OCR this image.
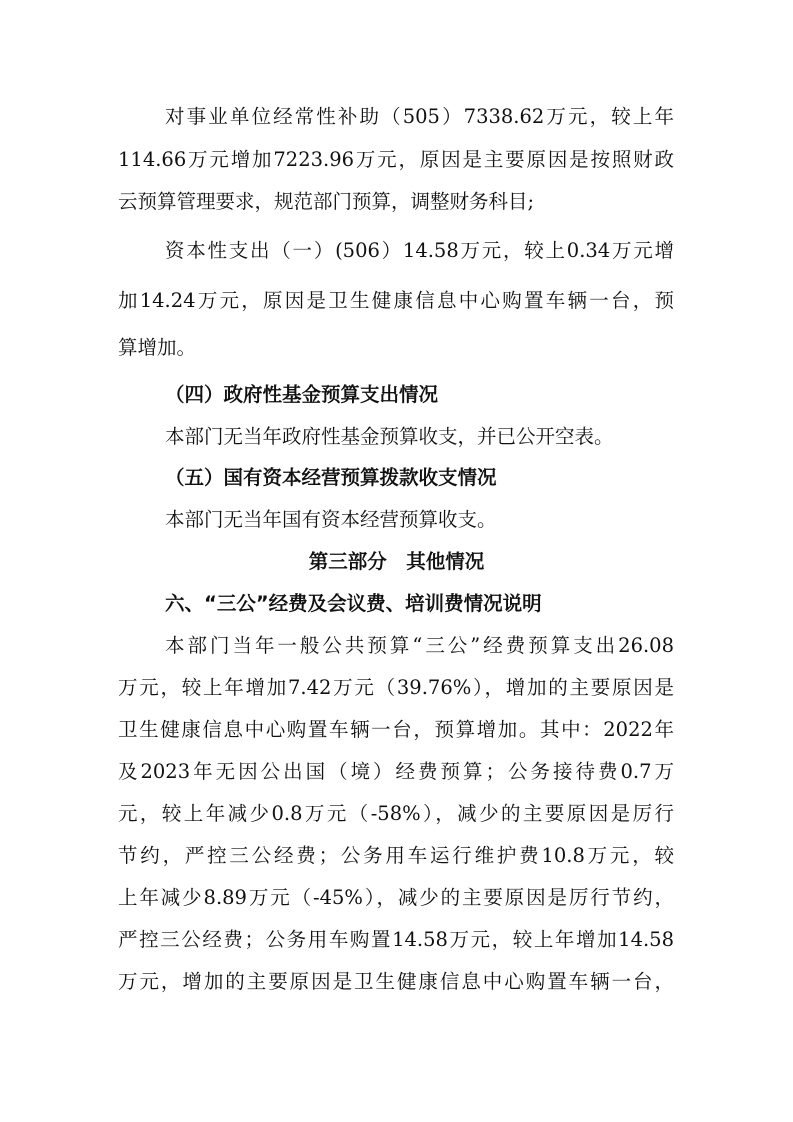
对事业单位经常性补助（505）7338.62万元，较上年
114.66万元增加7223.96万元，原因是主要原因是按照财政
云预算管理要求，规范部门预算，调整财务科目;
资本性支出（一）(506）14.58万元，较上0.34万元增
加14.24万元，原因是卫生健康信息中心购置车辆一台，预
算增加。
（四）政府性基金预算支出情况
本部门无当年政府性基金预算收支，并已公开空表。
（五）国有资本经营预算拨款收支情况
本部门无当年国有资本经营预算收支。
第三部分　其他情况
六、“三公”经费及会议费、培训费情况说明
本部门当年一般公共预算“三公”经费预算支出26.08
万元，较上年增加7.42万元（39.76%），增加的主要原因是
卫生健康信息中心购置车辆一台，预算增加。其中：2022年
及2023年无因公出国（境）经费预算；公务接待费0.7万
元，较上年减少0.8万元（-58%），减少的主要原因是厉行
节约，严控三公经费；公务用车运行维护费10.8万元，较
上年减少8.89万元（-45%），减少的主要原因是厉行节约，
严控三公经费；公务用车购置14.58万元，较上年增加14.58
万元，增加的主要原因是卫生健康信息中心购置车辆一台，
